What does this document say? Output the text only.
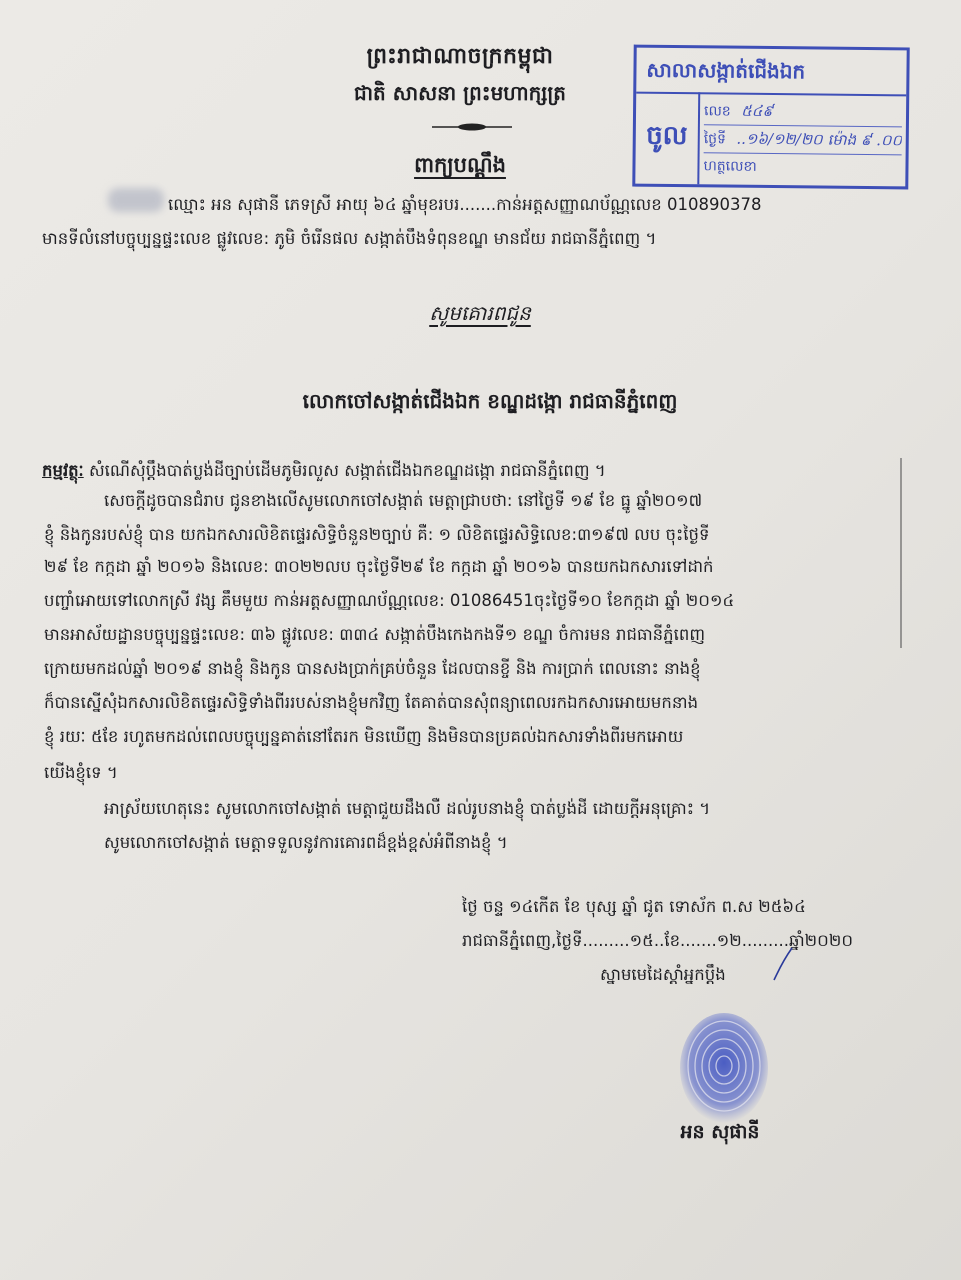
ព្រះរាជាណាចក្រកម្ពុជា
ជាតិ សាសនា ព្រះមហាក្សត្រ
ពាក្យបណ្តឹង
សាលាសង្កាត់ជើងឯក
ចូល
លេខ ៥៤៩
ថ្ងៃទី ..១៦/១២/២០ ម៉ោង ៩ .០០
ហត្ថលេខា
ឈ្មោះ អន សុផានី ភេទស្រី អាយុ ៦៤ ឆ្នាំមុខរបរ.......កាន់អត្តសញ្ញាណប័ណ្ណលេខ 010890378
មានទីលំនៅបច្ចុប្បន្នផ្ទះលេខ ផ្លូវលេខ: ភូមិ ចំរើនផល សង្កាត់បឹងទំពុនខណ្ឌ មានជ័យ រាជធានីភ្នំពេញ ។
សូមគោរពជូន
លោកចៅសង្កាត់ជើងឯក ខណ្ឌដង្កោ រាជធានីភ្នំពេញ
កម្មវត្ថុៈ សំណើសុំប្តឹងបាត់ប្លង់ដីច្បាប់ដើមភូមិរលួស សង្កាត់ជើងឯកខណ្ឌដង្កោ រាជធានីភ្នំពេញ ។
សេចក្តីដូចបានជំរាប ជូនខាងលើសូមលោកចៅសង្កាត់ មេត្តាជ្រាបថា: នៅថ្ងៃទី ១៩ ខែ ធ្នូ ឆ្នាំ២០១៧
ខ្ញុំ និងកូនរបស់ខ្ញុំ បាន យកឯកសារលិខិតផ្ទេរសិទ្ធិចំនួន២ច្បាប់ គឺ: ១ លិខិតផ្ទេរសិទ្ធិលេខ:៣១៩៧ លប ចុះថ្ងៃទី
២៩ ខែ កក្កដា ឆ្នាំ ២០១៦ និងលេខ: ៣០២២លប ចុះថ្ងៃទី២៩ ខែ កក្កដា ឆ្នាំ ២០១៦ បានយកឯកសារទៅដាក់
បញ្ចាំអោយទៅលោកស្រី វង្ស គឹមមួយ កាន់អត្តសញ្ញាណប័ណ្ណលេខ: 01086451ចុះថ្ងៃទី១០ ខែកក្កដា ឆ្នាំ ២០១៤
មានអាស័យដ្ឋានបច្ចុប្បន្នផ្ទះលេខ: ៣៦ ផ្លូវលេខ: ៣៣៤ សង្កាត់បឹងកេងកងទី១ ខណ្ឌ ចំការមន រាជធានីភ្នំពេញ
ក្រោយមកដល់ឆ្នាំ ២០១៩ នាងខ្ញុំ និងកូន បានសងប្រាក់គ្រប់ចំនួន ដែលបានខ្ចី និង ការប្រាក់ ពេលនោះ នាងខ្ញុំ
ក៏បានស្នើសុំឯកសារលិខិតផ្ទេរសិទ្ធិទាំងពីររបស់នាងខ្ញុំមកវិញ តែគាត់បានសុំពន្យាពេលរកឯកសារអោយមកនាង
ខ្ញុំ រយៈ ៥ខែ រហូតមកដល់ពេលបច្ចុប្បន្នគាត់នៅតែរក មិនឃើញ និងមិនបានប្រគល់ឯកសារទាំងពីរមកអោយ
យើងខ្ញុំទេ ។
អាស្រ័យហេតុនេះ សូមលោកចៅសង្កាត់ មេត្តាជួយដឹងលឺ ដល់រូបនាងខ្ញុំ បាត់ប្លង់ដី ដោយក្តីអនុគ្រោះ ។
សូមលោកចៅសង្កាត់ មេត្តាទទួលនូវការគោរពដ៏ខ្ពង់ខ្ពស់អំពីនាងខ្ញុំ ។
ថ្ងៃ ចន្ទ ១៤កើត ខែ បុស្ស ឆ្នាំ ជូត ទោស័ក ព.ស ២៥៦៤
រាជធានីភ្នំពេញ,ថ្ងៃទី.........១៥..ខែ.......១២.........ឆ្នាំ២០២០
ស្នាមមេដៃស្តាំអ្នកប្តឹង
អន សុផានី
